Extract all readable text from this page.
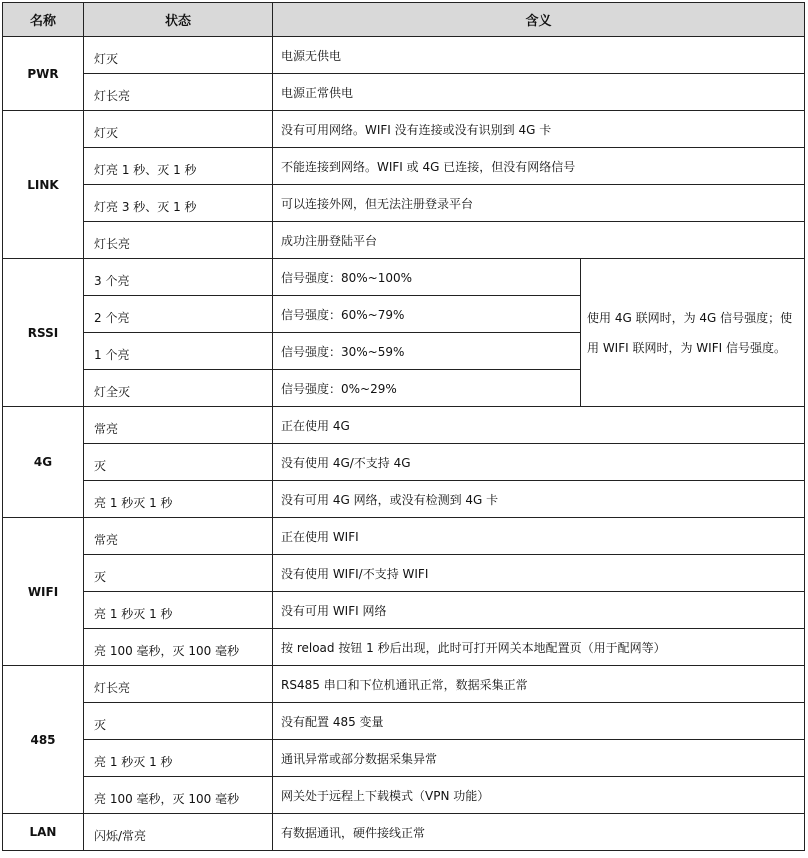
名称	状态	含义	
PWR	灯灭	电源无供电	

	灯长亮	电源正常供电	

LINK	灯灭	没有可用网络。WIFI 没有连接或没有识别到 4G 卡	

	灯亮 1 秒、灭 1 秒	不能连接到网络。WIFI 或 4G 已连接，但没有网络信号	

	灯亮 3 秒、灭 1 秒	可以连接外网，但无法注册登录平台	

	灯长亮	成功注册登陆平台	

RSSI	3 个亮	信号强度：80%~100%	使用 4G 联网时，为 4G 信号强度；使用 WIFI 联网时，为 WIFI 信号强度。

	2 个亮	信号强度：60%~79%	

	1 个亮	信号强度：30%~59%	

	灯全灭	信号强度：0%~29%	

4G	常亮	正在使用 4G	

	灭	没有使用 4G/不支持 4G	

	亮 1 秒灭 1 秒	没有可用 4G 网络，或没有检测到 4G 卡	

WIFI	常亮	正在使用 WIFI	

	灭	没有使用 WIFI/不支持 WIFI	

	亮 1 秒灭 1 秒	没有可用 WIFI 网络	

	亮 100 毫秒，灭 100 毫秒	按 reload 按钮 1 秒后出现，此时可打开网关本地配置页（用于配网等）	

485	灯长亮	RS485 串口和下位机通讯正常，数据采集正常	

	灭	没有配置 485 变量	

	亮 1 秒灭 1 秒	通讯异常或部分数据采集异常	

	亮 100 毫秒，灭 100 毫秒	网关处于远程上下载模式（VPN 功能）	

LAN	闪烁/常亮	有数据通讯，硬件接线正常	
